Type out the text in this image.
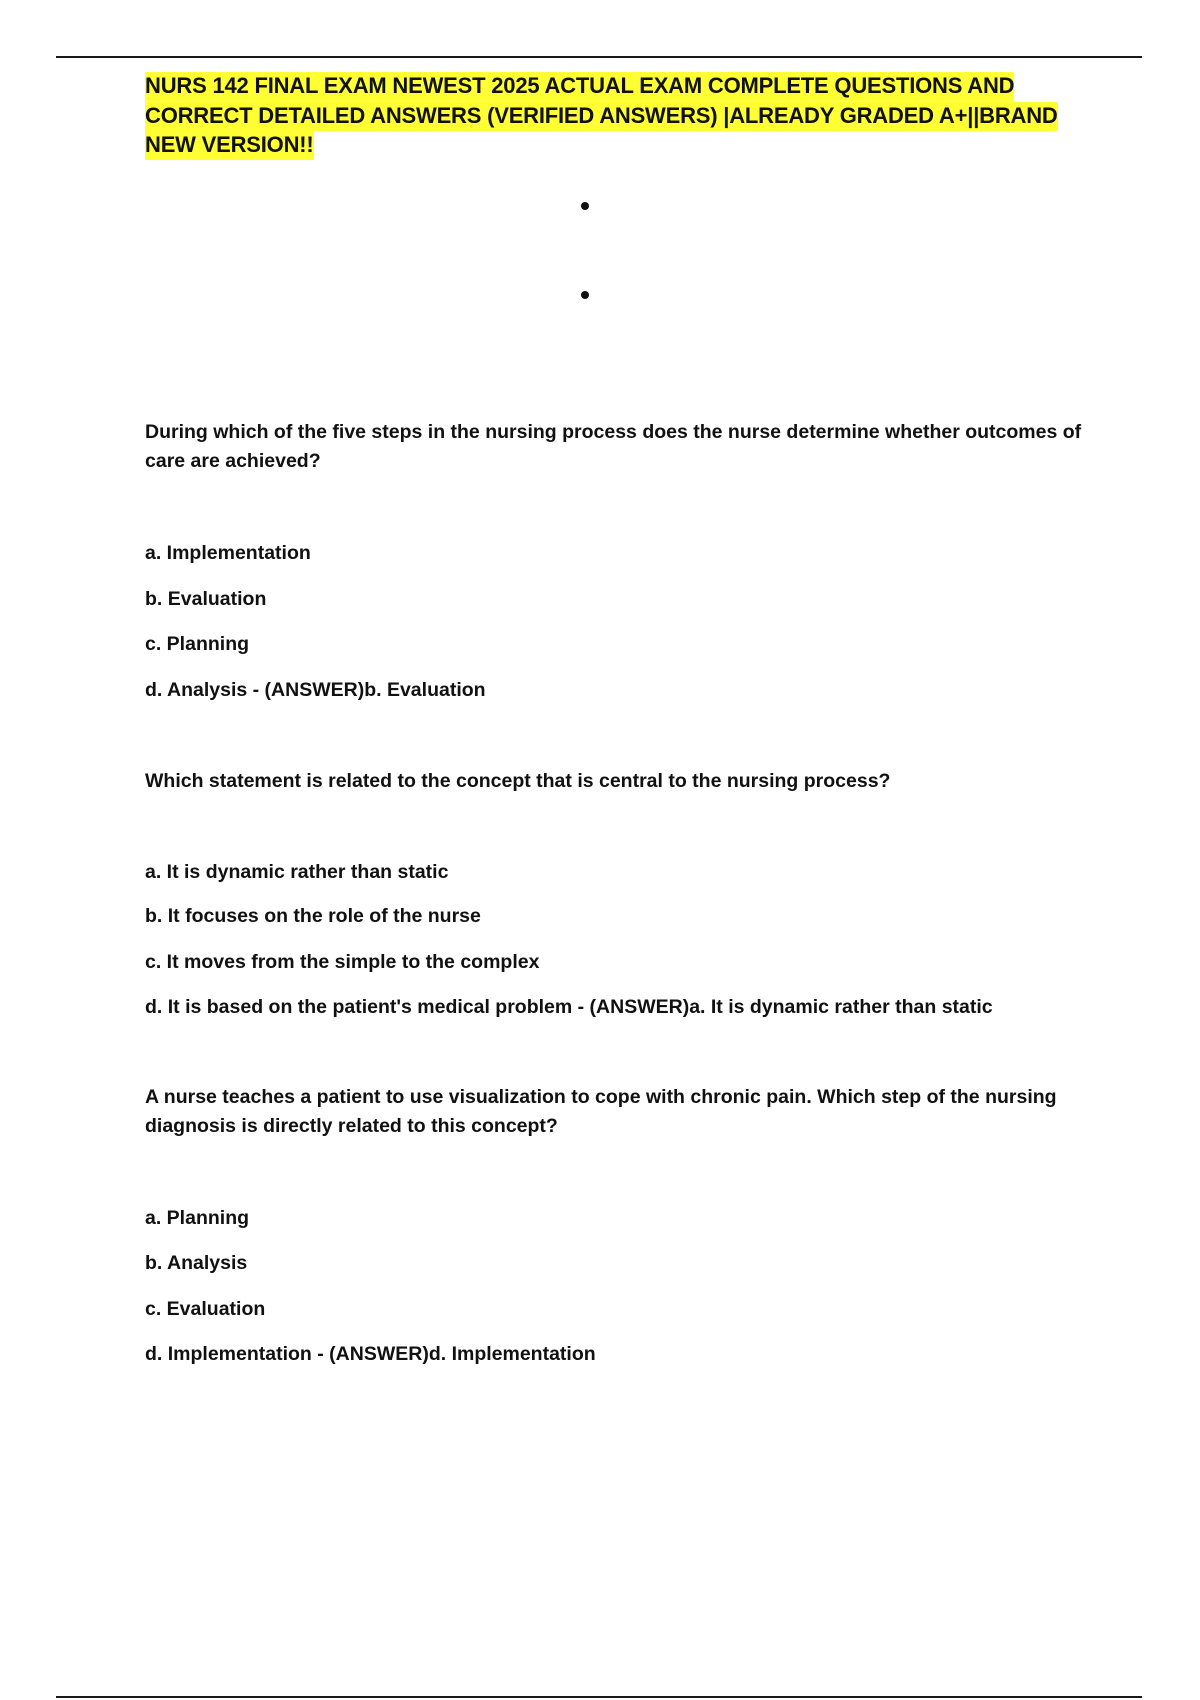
NURS 142 FINAL EXAM NEWEST 2025 ACTUAL EXAM COMPLETE QUESTIONS AND CORRECT DETAILED ANSWERS (VERIFIED ANSWERS) |ALREADY GRADED A+||BRAND NEW VERSION!!

During which of the five steps in the nursing process does the nurse determine whether outcomes of care are achieved?

a. Implementation

b. Evaluation

c. Planning

d. Analysis - (ANSWER)b. Evaluation

Which statement is related to the concept that is central to the nursing process?

a. It is dynamic rather than static

b. It focuses on the role of the nurse

c. It moves from the simple to the complex

d. It is based on the patient's medical problem - (ANSWER)a. It is dynamic rather than static

A nurse teaches a patient to use visualization to cope with chronic pain. Which step of the nursing diagnosis is directly related to this concept?

a. Planning

b. Analysis

c. Evaluation

d. Implementation - (ANSWER)d. Implementation
